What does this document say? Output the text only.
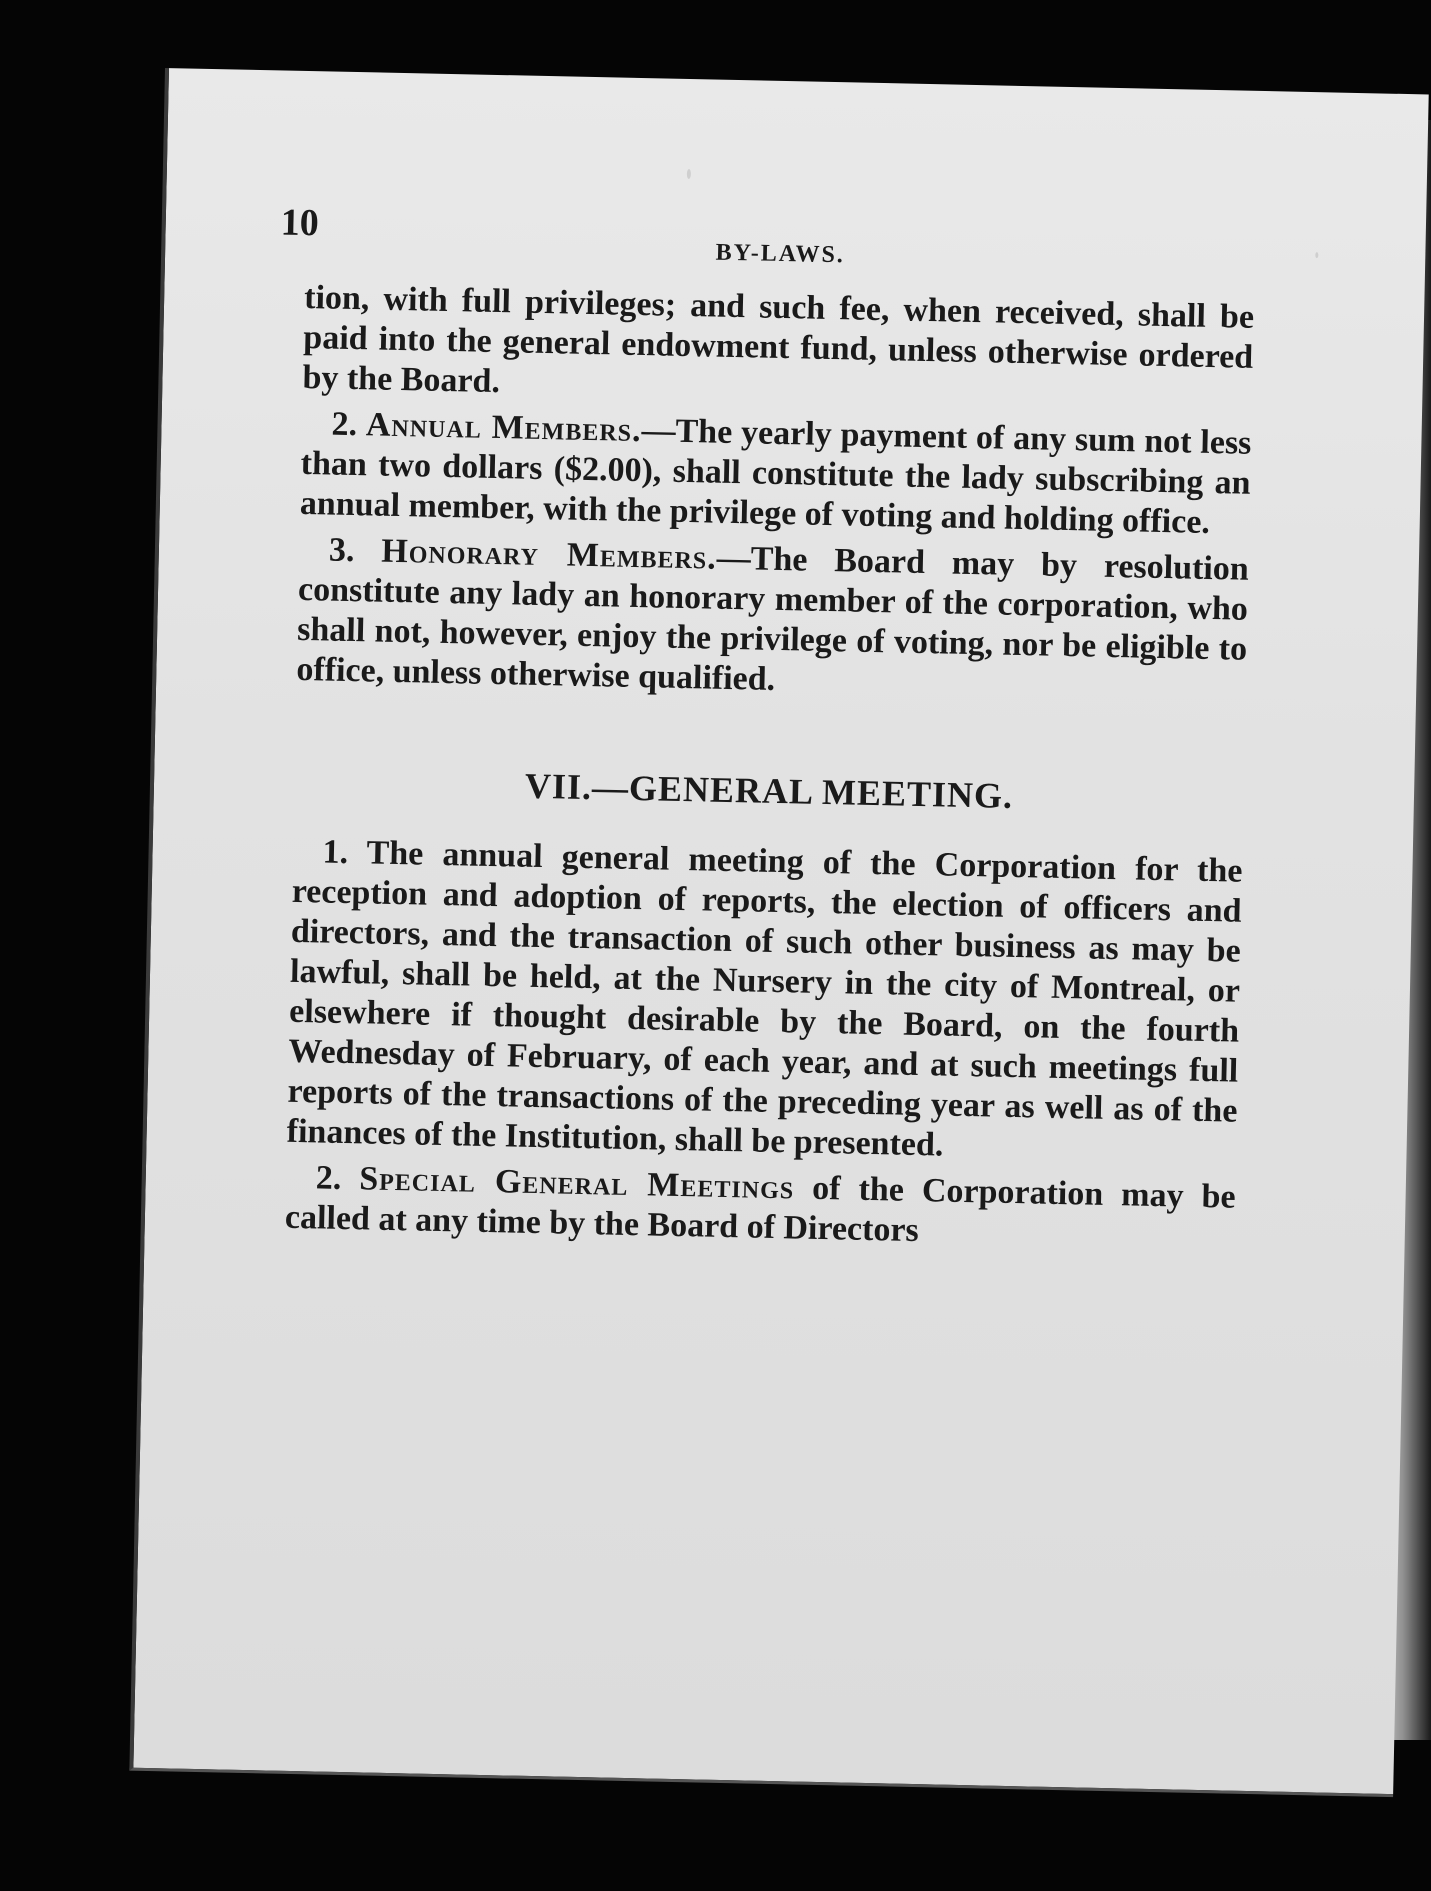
10
BY-LAWS.

tion, with full privileges; and such fee, when received, shall be paid into the general endowment fund, unless otherwise ordered by the Board.

2. Annual Members.—The yearly payment of any sum not less than two dollars ($2.00), shall constitute the lady subscribing an annual member, with the privilege of voting and holding office.

3. Honorary Members.—The Board may by resolution constitute any lady an honorary member of the corporation, who shall not, however, enjoy the privilege of voting, nor be eligible to office, unless otherwise qualified.

VII.—GENERAL MEETING.

1. The annual general meeting of the Corporation for the reception and adoption of reports, the election of officers and directors, and the transaction of such other business as may be lawful, shall be held, at the Nursery in the city of Montreal, or elsewhere if thought desirable by the Board, on the fourth Wednesday of February, of each year, and at such meetings full reports of the transactions of the preceding year as well as of the finances of the Institution, shall be presented.

2. Special General Meetings of the Corporation may be called at any time by the Board of Directors
